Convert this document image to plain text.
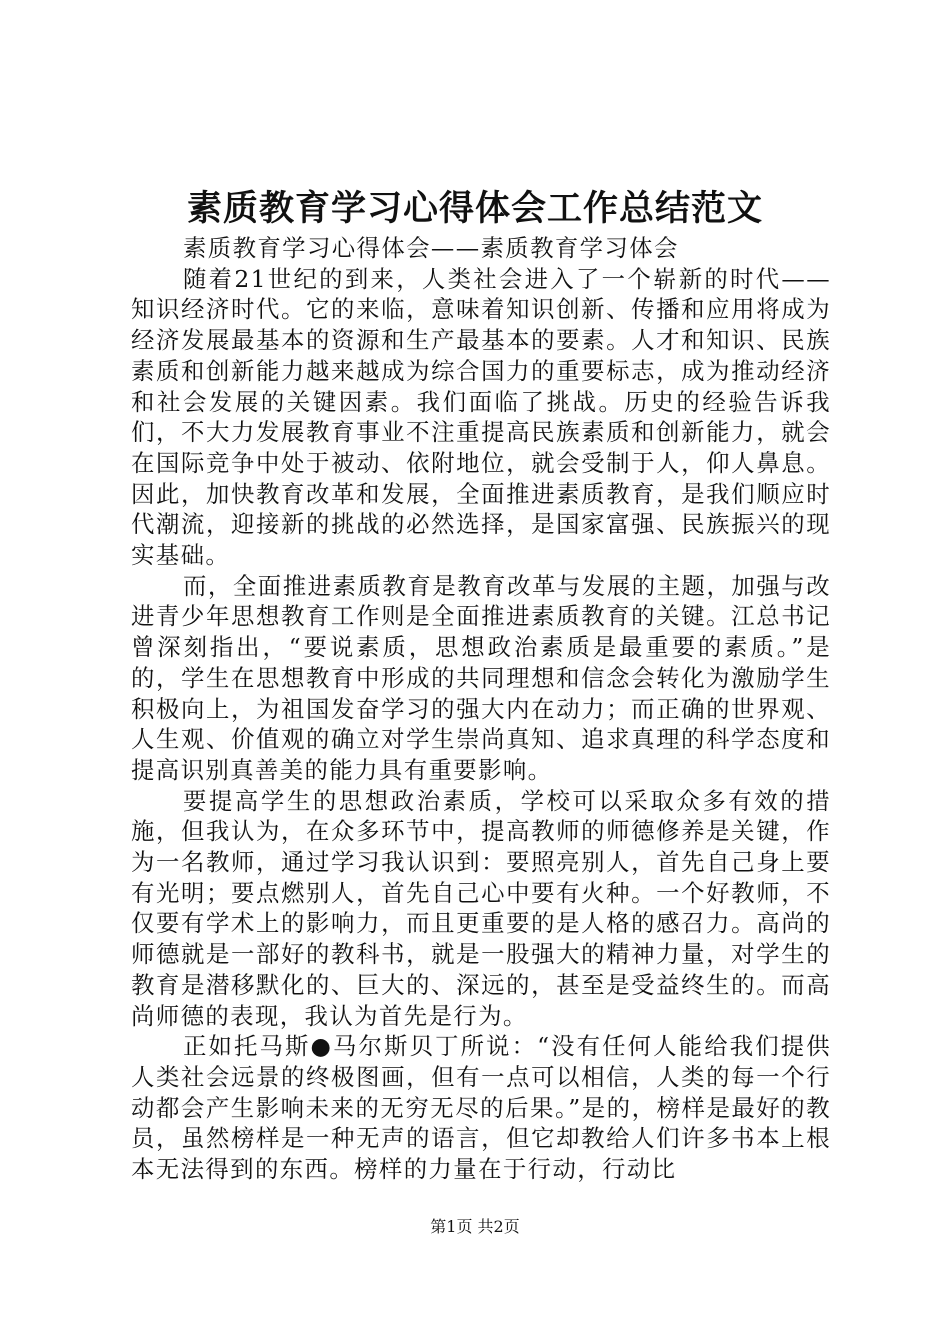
素质教育学习心得体会工作总结范文

素质教育学习心得体会——素质教育学习体会

随着21世纪的到来，人类社会进入了一个崭新的时代——知识经济时代。它的来临，意味着知识创新、传播和应用将成为经济发展最基本的资源和生产最基本的要素。人才和知识、民族素质和创新能力越来越成为综合国力的重要标志，成为推动经济和社会发展的关键因素。我们面临了挑战。历史的经验告诉我们，不大力发展教育事业不注重提高民族素质和创新能力，就会在国际竞争中处于被动、依附地位，就会受制于人，仰人鼻息。因此，加快教育改革和发展，全面推进素质教育，是我们顺应时代潮流，迎接新的挑战的必然选择，是国家富强、民族振兴的现实基础。

而，全面推进素质教育是教育改革与发展的主题，加强与改进青少年思想教育工作则是全面推进素质教育的关键。江总书记曾深刻指出，“要说素质，思想政治素质是最重要的素质。”是的，学生在思想教育中形成的共同理想和信念会转化为激励学生积极向上，为祖国发奋学习的强大内在动力；而正确的世界观、人生观、价值观的确立对学生崇尚真知、追求真理的科学态度和提高识别真善美的能力具有重要影响。

要提高学生的思想政治素质，学校可以采取众多有效的措施，但我认为，在众多环节中，提高教师的师德修养是关键，作为一名教师，通过学习我认识到：要照亮别人，首先自己身上要有光明；要点燃别人，首先自己心中要有火种。一个好教师，不仅要有学术上的影响力，而且更重要的是人格的感召力。高尚的师德就是一部好的教科书，就是一股强大的精神力量，对学生的教育是潜移默化的、巨大的、深远的，甚至是受益终生的。而高尚师德的表现，我认为首先是行为。

正如托马斯●马尔斯贝丁所说：“没有任何人能给我们提供人类社会远景的终极图画，但有一点可以相信，人类的每一个行动都会产生影响未来的无穷无尽的后果。”是的，榜样是最好的教员，虽然榜样是一种无声的语言，但它却教给人们许多书本上根本无法得到的东西。榜样的力量在于行动，行动比

第1页 共2页
